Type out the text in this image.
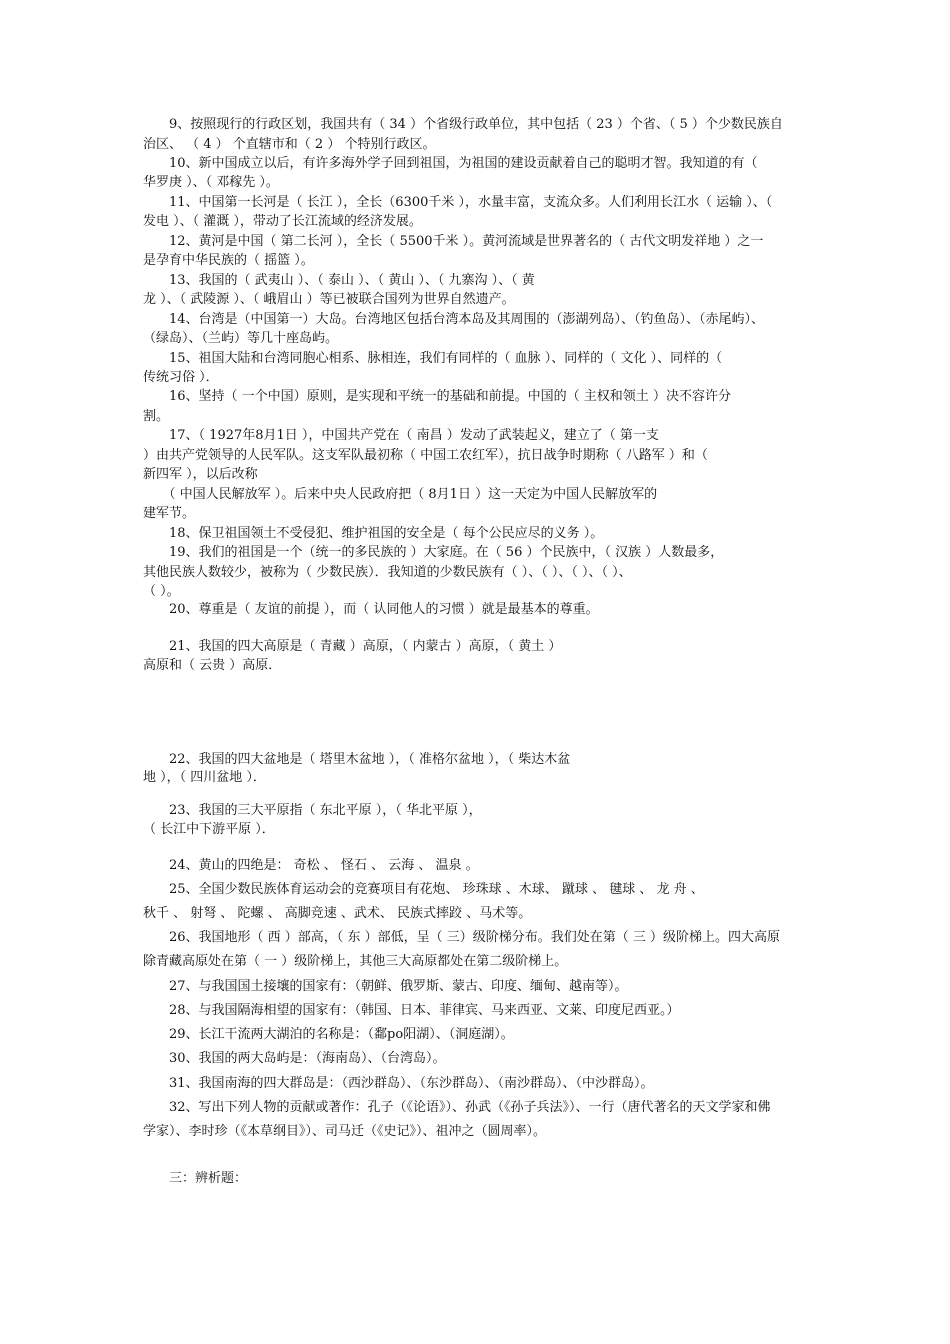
　　9、按照现行的行政区划，我国共有（ 34 ）个省级行政单位，其中包括（ 23 ）个省、（ 5 ）个少数民族自
治区、 （ 4 ） 个直辖市和（ 2 ） 个特别行政区。
　　10、新中国成立以后，有许多海外学子回到祖国，为祖国的建设贡献着自己的聪明才智。我知道的有（
华罗庚 ）、（ 邓稼先 ）。
　　11、中国第一长河是（ 长江 ），全长（6300千米 ），水量丰富，支流众多。人们利用长江水（ 运输 ）、（
发电 ）、（ 灌溉 ），带动了长江流域的经济发展。
　　12、黄河是中国（ 第二长河 ），全长（ 5500千米 ）。黄河流域是世界著名的（ 古代文明发祥地 ）之一
是孕育中华民族的（ 摇篮 ）。
　　13、我国的（ 武夷山 ）、（ 泰山 ）、（ 黄山 ）、（ 九寨沟 ）、（ 黄
龙 ）、（ 武陵源 ）、（ 峨眉山 ）等已被联合国列为世界自然遗产。
　　14、台湾是（中国第一）大岛。台湾地区包括台湾本岛及其周围的（澎湖列岛）、（钓鱼岛）、（赤尾屿）、
（绿岛）、（兰屿）等几十座岛屿。
　　15、祖国大陆和台湾同胞心相系、脉相连，我们有同样的（ 血脉 ）、同样的（ 文化 ）、同样的（
传统习俗 ）．
　　16、坚持（ 一个中国）原则，是实现和平统一的基础和前提。中国的（ 主权和领土 ）决不容许分
割。
　　17、（ 1927年8月1日 ），中国共产党在（ 南昌 ）发动了武装起义，建立了（ 第一支
）由共产党领导的人民军队。这支军队最初称（ 中国工农红军），抗日战争时期称（ 八路军 ）和（
新四军 ），以后改称
　　（ 中国人民解放军 ）。后来中央人民政府把（ 8月1日 ）这一天定为中国人民解放军的
建军节。
　　18、保卫祖国领土不受侵犯、维护祖国的安全是（ 每个公民应尽的义务 ）。
　　19、我们的祖国是一个（统一的多民族的 ）大家庭。在（ 56 ）个民族中，（ 汉族 ）人数最多，
其他民族人数较少，被称为（ 少数民族）．我知道的少数民族有（ ）、（ ）、（ ）、（ ）、
（ ）。
　　20、尊重是（ 友谊的前提 ），而（ 认同他人的习惯 ）就是最基本的尊重。
　　21、我国的四大高原是（ 青藏 ）高原，（ 内蒙古 ）高原，（ 黄土 ）
高原和（ 云贵 ）高原．
　　22、我国的四大盆地是（ 塔里木盆地 ），（ 准格尔盆地 ），（ 柴达木盆
地 ），（ 四川盆地 ）．
　　23、我国的三大平原指（ 东北平原 ），（ 华北平原 ），
（ 长江中下游平原 ）．
　　24、黄山的四绝是： 奇松 、 怪石 、 云海 、 温泉 。
　　25、全国少数民族体育运动会的竞赛项目有花炮、 珍珠球 、木球、 蹴球 、 毽球 、 龙 舟 、
秋千 、 射弩 、 陀螺 、 高脚竞速 、武术、 民族式摔跤 、马术等。
　　26、我国地形（ 西 ）部高，（ 东 ）部低，呈（ 三）级阶梯分布。我们处在第（ 三 ）级阶梯上。四大高原
除青藏高原处在第（ 一 ）级阶梯上，其他三大高原都处在第二级阶梯上。
　　27、与我国国土接壤的国家有：（朝鲜、俄罗斯、蒙古、印度、缅甸、越南等）。
　　28、与我国隔海相望的国家有：（韩国、日本、菲律宾、马来西亚、文莱、印度尼西亚。）
　　29、长江干流两大湖泊的名称是：（鄱po阳湖）、（洞庭湖）。
　　30、我国的两大岛屿是：（海南岛）、（台湾岛）。
　　31、我国南海的四大群岛是：（西沙群岛）、（东沙群岛）、（南沙群岛）、（中沙群岛）。
　　32、写出下列人物的贡献或著作：孔子（《论语》）、孙武（《孙子兵法》）、一行（唐代著名的天文学家和佛
学家）、李时珍（《本草纲目》）、司马迁（《史记》）、祖冲之（圆周率）。
　　三：辨析题：
